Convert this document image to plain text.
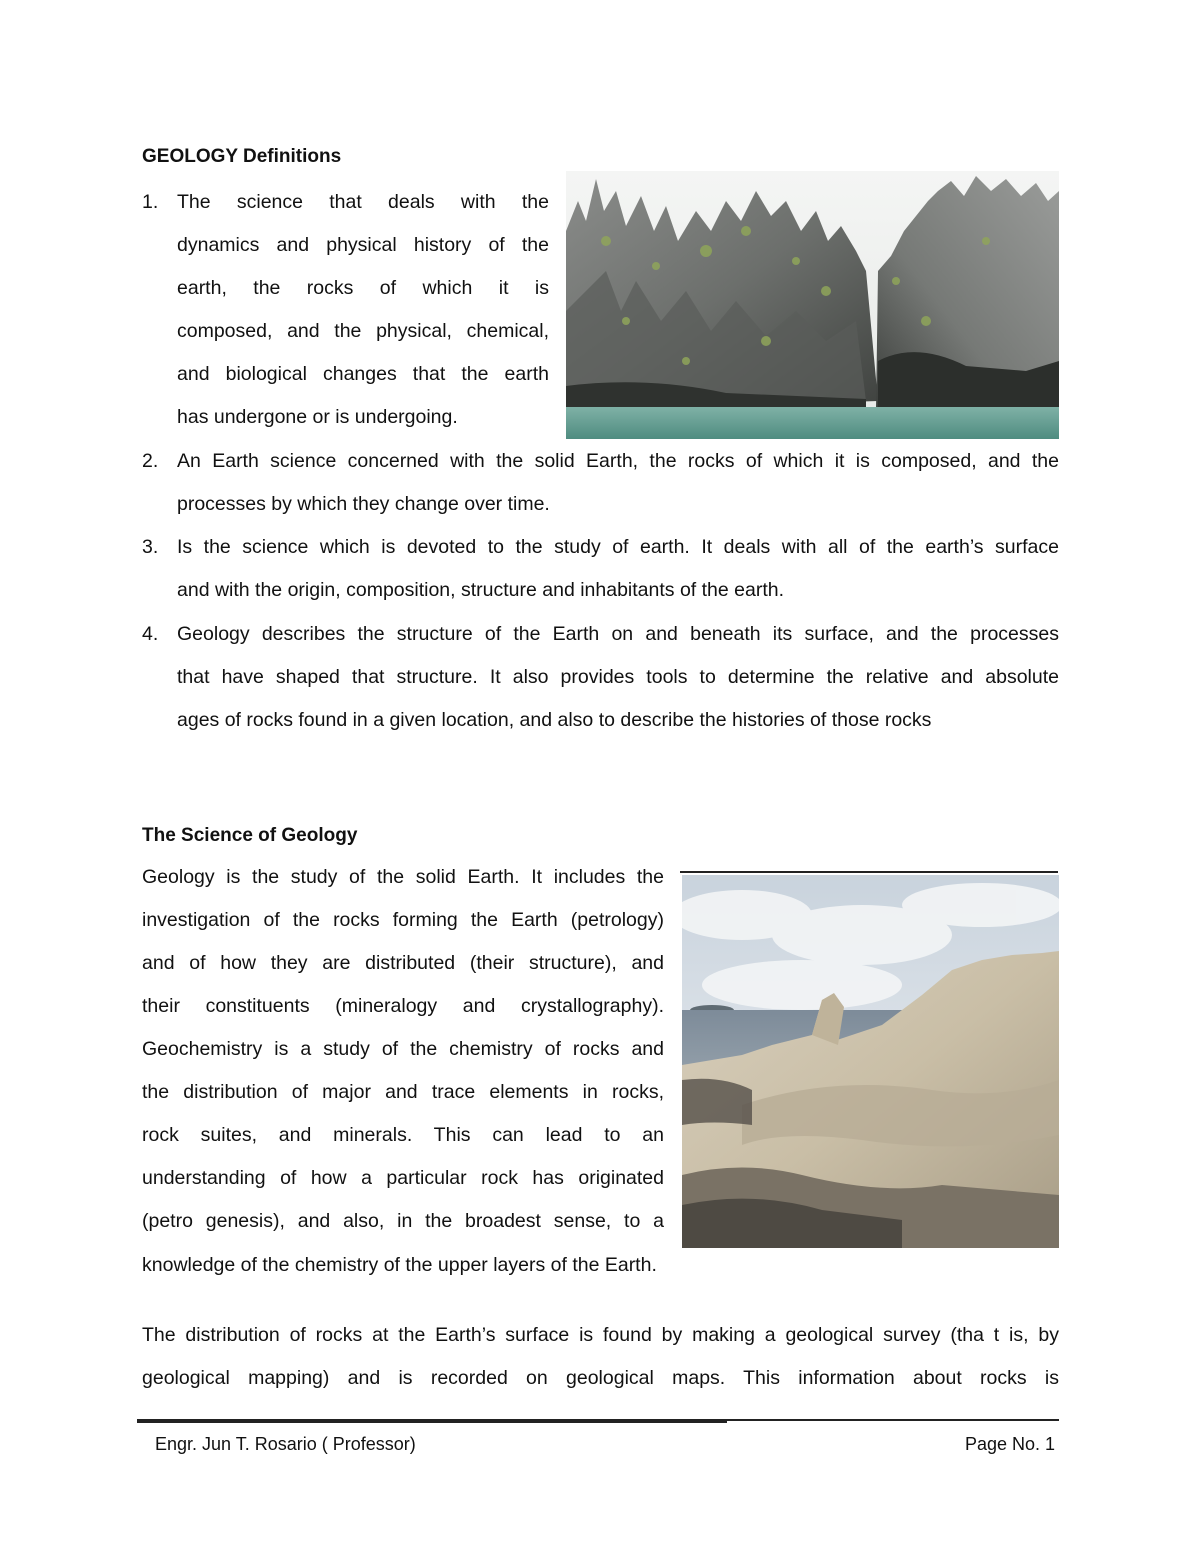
GEOLOGY Definitions
1. The science that deals with the
dynamics and physical history of the
earth, the rocks of which it is
composed, and the physical, chemical,
and biological changes that the earth
has undergone or is undergoing.
2. An Earth science concerned with the solid Earth, the rocks of which it is composed, and the
processes by which they change over time.
3. Is the science which is devoted to the study of earth. It deals with all of the earth’s surface
and with the origin, composition, structure and inhabitants of the earth.
4. Geology describes the structure of the Earth on and beneath its surface, and the processes
that have shaped that structure. It also provides tools to determine the relative and absolute
ages of rocks found in a given location, and also to describe the histories of those rocks
The Science of Geology
Geology is the study of the solid Earth. It includes the
investigation of the rocks forming the Earth (petrology)
and of how they are distributed (their structure), and
their constituents (mineralogy and crystallography).
Geochemistry is a study of the chemistry of rocks and
the distribution of major and trace elements in rocks,
rock suites, and minerals. This can lead to an
understanding of how a particular rock has originated
(petro genesis), and also, in the broadest sense, to a
knowledge of the chemistry of the upper layers of the Earth.
The distribution of rocks at the Earth’s surface is found by making a geological survey (tha t is, by
geological mapping) and is recorded on geological maps. This information about rocks is
Engr. Jun T. Rosario ( Professor)	Page No. 1
